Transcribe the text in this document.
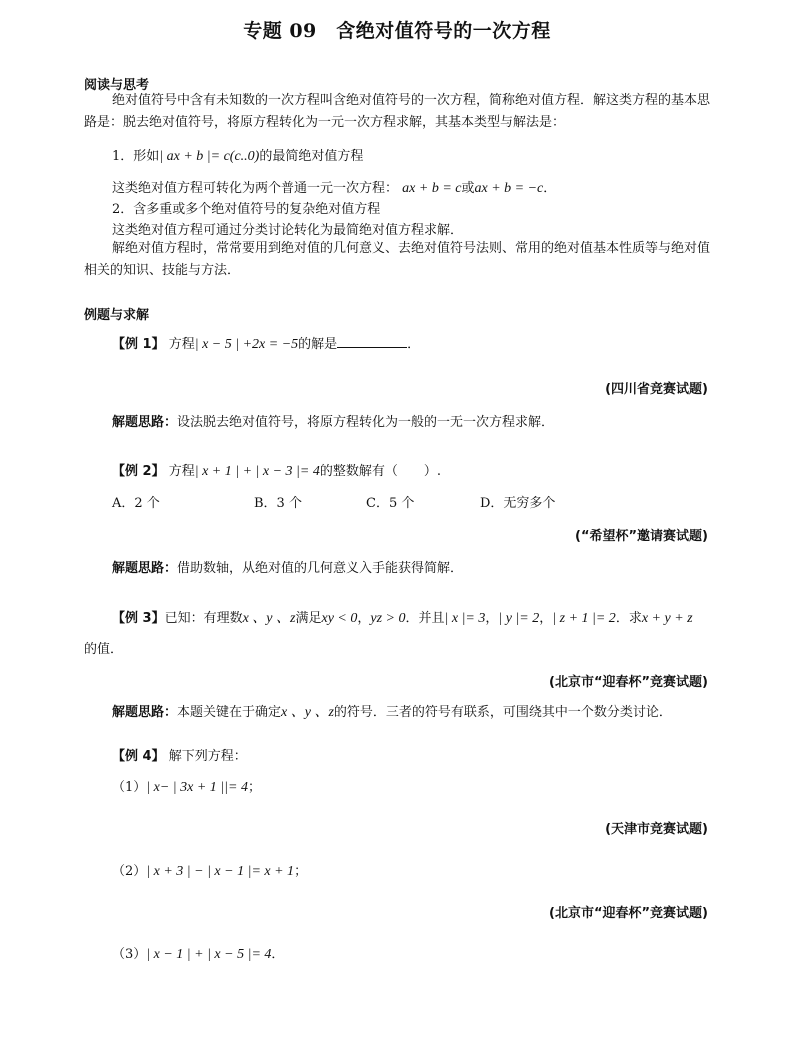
专题 09　含绝对值符号的一次方程
阅读与思考
绝对值符号中含有未知数的一次方程叫含绝对值符号的一次方程，简称绝对值方程．解这类方程的基本思路是：脱去绝对值符号，将原方程转化为一元一次方程求解，其基本类型与解法是：
1．形如| ax + b |= c(c..0)的最简绝对值方程
这类绝对值方程可转化为两个普通一元一次方程： ax + b = c或ax + b = −c．
2．含多重或多个绝对值符号的复杂绝对值方程
这类绝对值方程可通过分类讨论转化为最简绝对值方程求解．
解绝对值方程时，常常要用到绝对值的几何意义、去绝对值符号法则、常用的绝对值基本性质等与绝对值相关的知识、技能与方法．
例题与求解
【例 1】 方程| x − 5 | +2x = −5的解是	．
(四川省竞赛试题)
解题思路：设法脱去绝对值符号，将原方程转化为一般的一无一次方程求解．
【例 2】 方程| x + 1 | + | x − 3 |= 4的整数解有（　　）.
A．2 个	B．3 个	C．5 个	D．无穷多个
(“希望杯”邀请赛试题)
解题思路：借助数轴，从绝对值的几何意义入手能获得简解．
【例 3】已知：有理数x 、y 、z满足xy < 0，yz > 0．并且| x |= 3，| y |= 2，| z + 1 |= 2．求x + y + z
的值．
(北京市“迎春杯”竞赛试题)
解题思路：本题关键在于确定x 、y 、z的符号．三者的符号有联系，可围绕其中一个数分类讨论．
【例 4】 解下列方程：
（1）| x− | 3x + 1 ||= 4；
(天津市竞赛试题)
（2）| x + 3 | − | x − 1 |= x + 1；
(北京市“迎春杯”竞赛试题)
（3）| x − 1 | + | x − 5 |= 4．
